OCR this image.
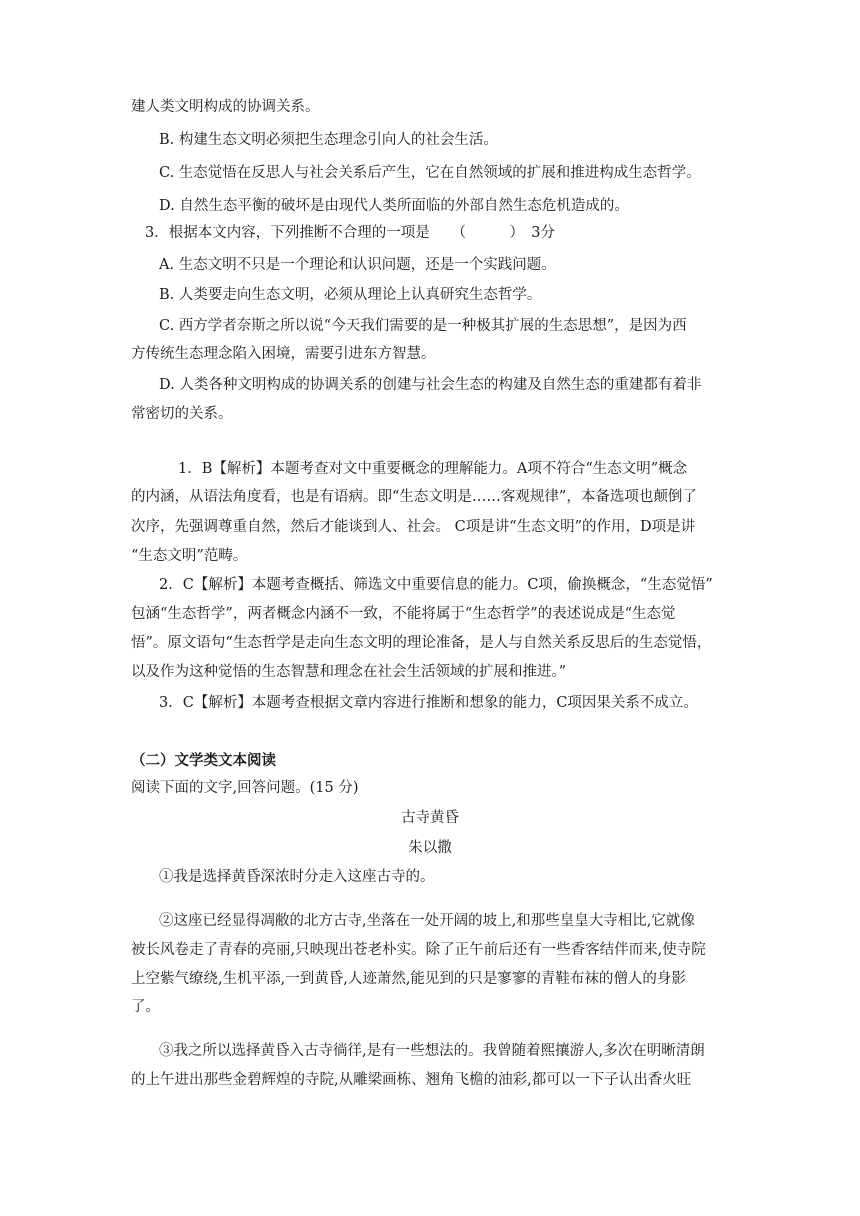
建人类文明构成的协调关系。
B. 构建生态文明必须把生态理念引向人的社会生活。
C. 生态觉悟在反思人与社会关系后产生，它在自然领域的扩展和推进构成生态哲学。
D. 自然生态平衡的破坏是由现代人类所面临的外部自然生态危机造成的。
3．根据本文内容，下列推断不合理的一项是　　（　　　）　3分
A. 生态文明不只是一个理论和认识问题，还是一个实践问题。
B. 人类要走向生态文明，必须从理论上认真研究生态哲学。
C. 西方学者奈斯之所以说“今天我们需要的是一种极其扩展的生态思想”，是因为西
方传统生态理念陷入困境，需要引进东方智慧。
D. 人类各种文明构成的协调关系的创建与社会生态的构建及自然生态的重建都有着非
常密切的关系。
1．B【解析】本题考查对文中重要概念的理解能力。A项不符合“生态文明”概念
的内涵，从语法角度看，也是有语病。即“生态文明是……客观规律”，本备选项也颠倒了
次序，先强调尊重自然，然后才能谈到人、社会。 C项是讲“生态文明”的作用，D项是讲
“生态文明”范畴。
2．C【解析】本题考查概括、筛选文中重要信息的能力。C项，偷换概念，“生态觉悟”
包涵“生态哲学”，两者概念内涵不一致，不能将属于“生态哲学”的表述说成是“生态觉
悟”。原文语句“生态哲学是走向生态文明的理论准备，是人与自然关系反思后的生态觉悟，
以及作为这种觉悟的生态智慧和理念在社会生活领域的扩展和推进。”
3．C【解析】本题考查根据文章内容进行推断和想象的能力，C项因果关系不成立。
（二）文学类文本阅读
阅读下面的文字,回答问题。(15 分)
古寺黄昏
朱以撒
①我是选择黄昏深浓时分走入这座古寺的。
②这座已经显得凋敝的北方古寺,坐落在一处开阔的坡上,和那些皇皇大寺相比,它就像
被长风卷走了青春的亮丽,只映现出苍老朴实。除了正午前后还有一些香客结伴而来,使寺院
上空紫气缭绕,生机平添,一到黄昏,人迹萧然,能见到的只是寥寥的青鞋布袜的僧人的身影
了。
③我之所以选择黄昏入古寺徜徉,是有一些想法的。我曾随着熙攘游人,多次在明晰清朗
的上午进出那些金碧辉煌的寺院,从雕梁画栋、翘角飞檐的油彩,都可以一下子认出香火旺
